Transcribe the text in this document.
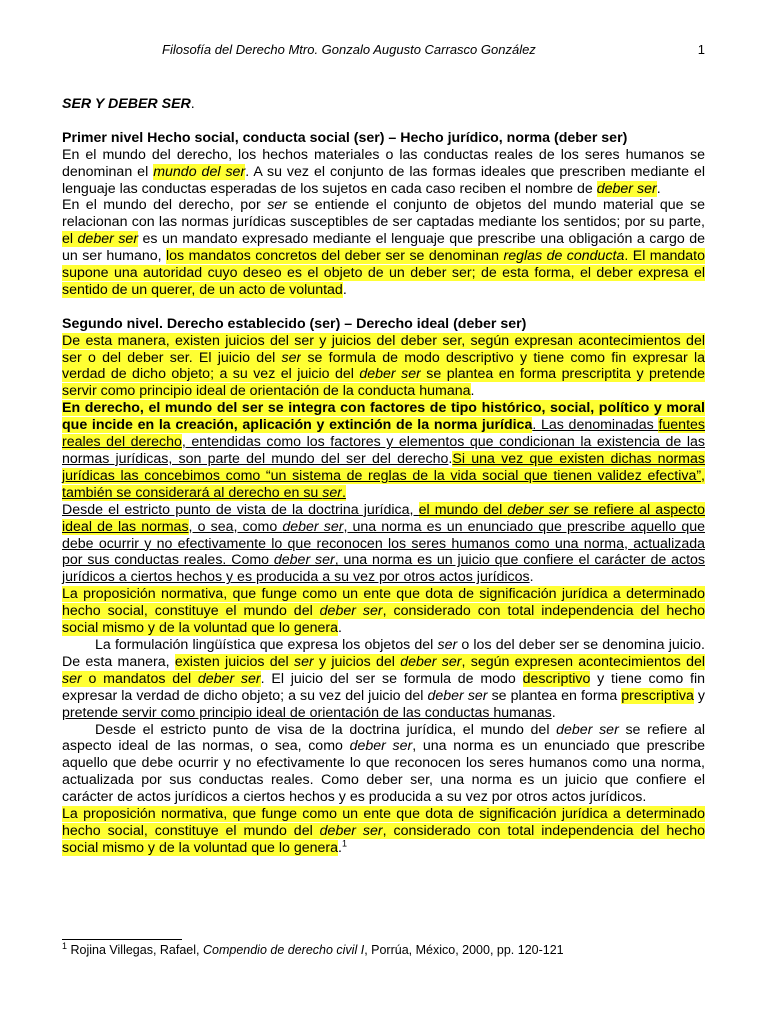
Filosofía del Derecho Mtro. Gonzalo Augusto Carrasco González	1

SER Y DEBER SER.

Primer nivel Hecho social, conducta social (ser) – Hecho jurídico, norma (deber ser)

En el mundo del derecho, los hechos materiales o las conductas reales de los seres humanos se denominan el mundo del ser. A su vez el conjunto de las formas ideales que prescriben mediante el lenguaje las conductas esperadas de los sujetos en cada caso reciben el nombre de deber ser.

En el mundo del derecho, por ser se entiende el conjunto de objetos del mundo material que se relacionan con las normas jurídicas susceptibles de ser captadas mediante los sentidos; por su parte, el deber ser es un mandato expresado mediante el lenguaje que prescribe una obligación a cargo de un ser humano, los mandatos concretos del deber ser se denominan reglas de conducta. El mandato supone una autoridad cuyo deseo es el objeto de un deber ser; de esta forma, el deber expresa el sentido de un querer, de un acto de voluntad.

Segundo nivel. Derecho establecido (ser) – Derecho ideal (deber ser)

De esta manera, existen juicios del ser y juicios del deber ser, según expresan acontecimientos del ser o del deber ser. El juicio del ser se formula de modo descriptivo y tiene como fin expresar la verdad de dicho objeto; a su vez el juicio del deber ser se plantea en forma prescriptita y pretende servir como principio ideal de orientación de la conducta humana.

En derecho, el mundo del ser se integra con factores de tipo histórico, social, político y moral que incide en la creación, aplicación y extinción de la norma jurídica. Las denominadas fuentes reales del derecho, entendidas como los factores y elementos que condicionan la existencia de las normas jurídicas, son parte del mundo del ser del derecho.Si una vez que existen dichas normas jurídicas las concebimos como “un sistema de reglas de la vida social que tienen validez efectiva”, también se considerará al derecho en su ser.

Desde el estricto punto de vista de la doctrina jurídica, el mundo del deber ser se refiere al aspecto ideal de las normas, o sea, como deber ser, una norma es un enunciado que prescribe aquello que debe ocurrir y no efectivamente lo que reconocen los seres humanos como una norma, actualizada por sus conductas reales. Como deber ser, una norma es un juicio que confiere el carácter de actos jurídicos a ciertos hechos y es producida a su vez por otros actos jurídicos.

La proposición normativa, que funge como un ente que dota de significación jurídica a determinado hecho social, constituye el mundo del deber ser, considerado con total independencia del hecho social mismo y de la voluntad que lo genera.

La formulación lingüística que expresa los objetos del ser o los del deber ser se denomina juicio. De esta manera, existen juicios del ser y juicios del deber ser, según expresen acontecimientos del ser o mandatos del deber ser. El juicio del ser se formula de modo descriptivo y tiene como fin expresar la verdad de dicho objeto; a su vez del juicio del deber ser se plantea en forma prescriptiva y pretende servir como principio ideal de orientación de las conductas humanas.

Desde el estricto punto de visa de la doctrina jurídica, el mundo del deber ser se refiere al aspecto ideal de las normas, o sea, como deber ser, una norma es un enunciado que prescribe aquello que debe ocurrir y no efectivamente lo que reconocen los seres humanos como una norma, actualizada por sus conductas reales. Como deber ser, una norma es un juicio que confiere el carácter de actos jurídicos a ciertos hechos y es producida a su vez por otros actos jurídicos.

La proposición normativa, que funge como un ente que dota de significación jurídica a determinado hecho social, constituye el mundo del deber ser, considerado con total independencia del hecho social mismo y de la voluntad que lo genera.$^1$

$^1$ Rojina Villegas, Rafael, Compendio de derecho civil I, Porrúa, México, 2000, pp. 120-121
